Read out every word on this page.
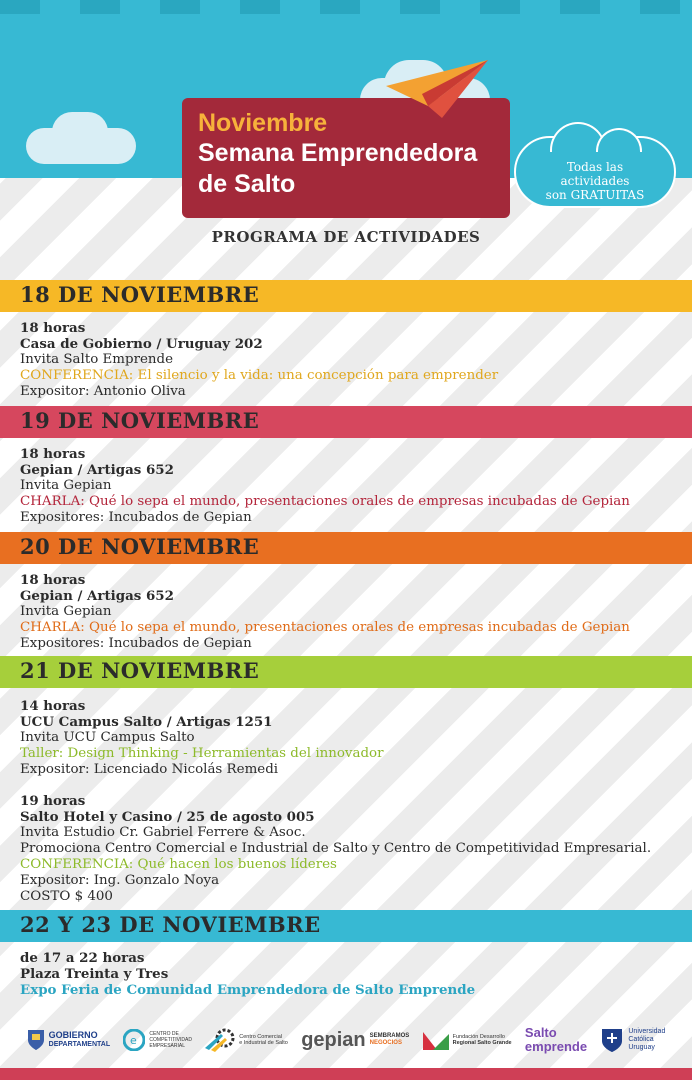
Noviembre
Semana Emprendedora
de Salto
Todas las
actividades
son GRATUITAS
PROGRAMA DE ACTIVIDADES
18 DE NOVIEMBRE
18 horas
Casa de Gobierno / Uruguay 202
Invita Salto Emprende
CONFERENCIA: El silencio y la vida: una concepción para emprender
Expositor: Antonio Oliva
19 DE NOVIEMBRE
18 horas
Gepian / Artigas 652
Invita Gepian
CHARLA: Qué lo sepa el mundo, presentaciones orales de empresas incubadas de Gepian
Expositores: Incubados de Gepian
20 DE NOVIEMBRE
18 horas
Gepian / Artigas 652
Invita Gepian
CHARLA: Qué lo sepa el mundo, presentaciones orales de empresas incubadas de Gepian
Expositores: Incubados de Gepian
21 DE NOVIEMBRE
14 horas
UCU Campus Salto / Artigas 1251
Invita UCU Campus Salto
Taller: Design Thinking - Herramientas del innovador
Expositor: Licenciado Nicolás Remedi
19 horas
Salto Hotel y Casino / 25 de agosto 005
Invita Estudio Cr. Gabriel Ferrere & Asoc.
Promociona Centro Comercial e Industrial de Salto y Centro de Competitividad Empresarial.
CONFERENCIA: Qué hacen los buenos líderes
Expositor: Ing. Gonzalo Noya
COSTO $ 400
22 Y 23 DE NOVIEMBRE
de 17 a 22 horas
Plaza Treinta y Tres
Expo Feria de Comunidad Emprendedora de Salto Emprende
GOBIERNO
DEPARTAMENTAL e CENTRO DE
COMPETITIVIDAD
EMPRESARIAL
Centro Comercial
e Industrial de Salto gepian SEMBRAMOS
NEGOCIOS
Fundación Desarrollo
Regional Salto Grande
Salto
emprende
Universidad
Católica
Uruguay
